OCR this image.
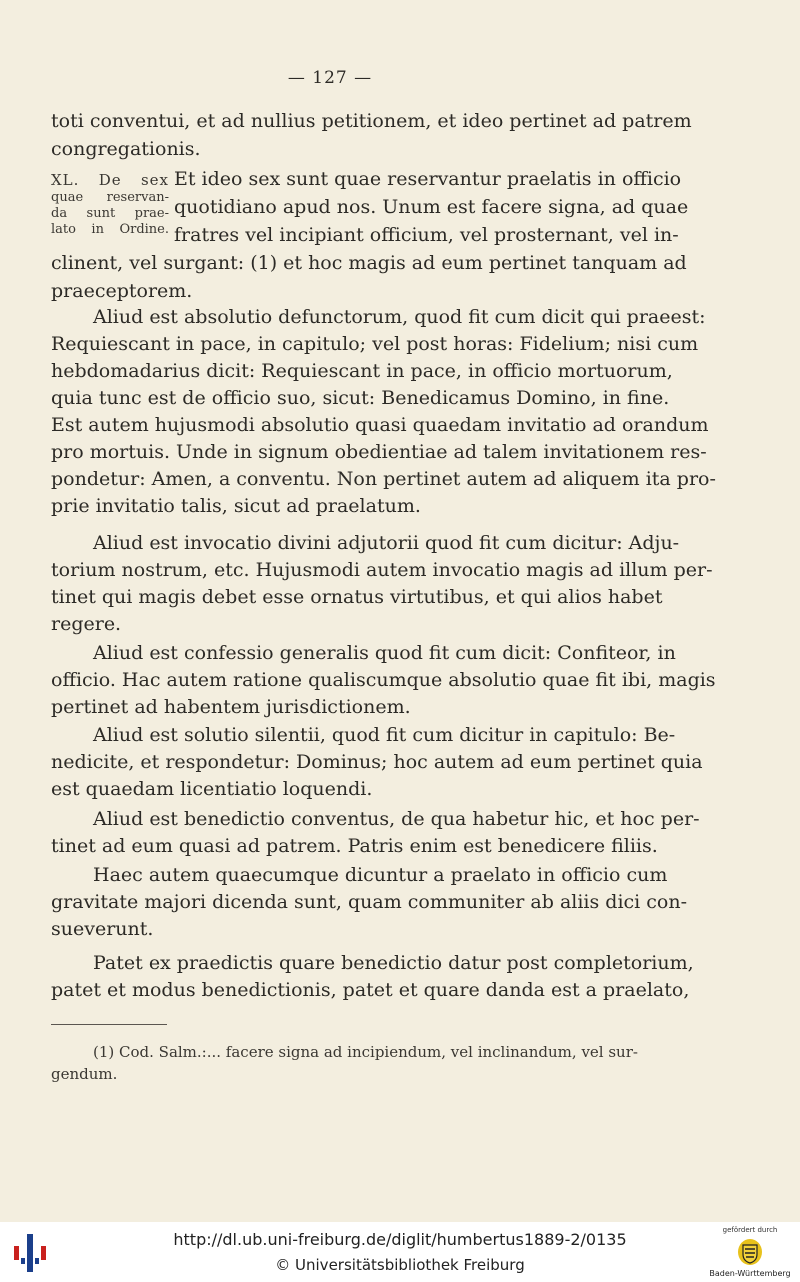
— 127 —
toti conventui, et ad nullius petitionem, et ideo pertinet ad patrem
congregationis.
XL. De sex
quae reservan-
da sunt prae-
lato in Ordine.
Et ideo sex sunt quae reservantur praelatis in officio
quotidiano apud nos. Unum est facere signa, ad quae
fratres vel incipiant officium, vel prosternant, vel in-
clinent, vel surgant: (1) et hoc magis ad eum pertinet tanquam ad
praeceptorem.
Aliud est absolutio defunctorum, quod fit cum dicit qui praeest:
Requiescant in pace, in capitulo; vel post horas: Fidelium; nisi cum
hebdomadarius dicit: Requiescant in pace, in officio mortuorum,
quia tunc est de officio suo, sicut: Benedicamus Domino, in fine.
Est autem hujusmodi absolutio quasi quaedam invitatio ad orandum
pro mortuis. Unde in signum obedientiae ad talem invitationem res-
pondetur: Amen, a conventu. Non pertinet autem ad aliquem ita pro-
prie invitatio talis, sicut ad praelatum.
Aliud est invocatio divini adjutorii quod fit cum dicitur: Adju-
torium nostrum, etc. Hujusmodi autem invocatio magis ad illum per-
tinet qui magis debet esse ornatus virtutibus, et qui alios habet
regere.
Aliud est confessio generalis quod fit cum dicit: Confiteor, in
officio. Hac autem ratione qualiscumque absolutio quae fit ibi, magis
pertinet ad habentem jurisdictionem.
Aliud est solutio silentii, quod fit cum dicitur in capitulo: Be-
nedicite, et respondetur: Dominus; hoc autem ad eum pertinet quia
est quaedam licentiatio loquendi.
Aliud est benedictio conventus, de qua habetur hic, et hoc per-
tinet ad eum quasi ad patrem. Patris enim est benedicere filiis.
Haec autem quaecumque dicuntur a praelato in officio cum
gravitate majori dicenda sunt, quam communiter ab aliis dici con-
sueverunt.
Patet ex praedictis quare benedictio datur post completorium,
patet et modus benedictionis, patet et quare danda est a praelato,
(1) Cod. Salm.:... facere signa ad incipiendum, vel inclinandum, vel sur-
gendum.
http://dl.ub.uni-freiburg.de/diglit/humbertus1889-2/0135
© Universitätsbibliothek Freiburg
gefördert durch
Baden-Württemberg
